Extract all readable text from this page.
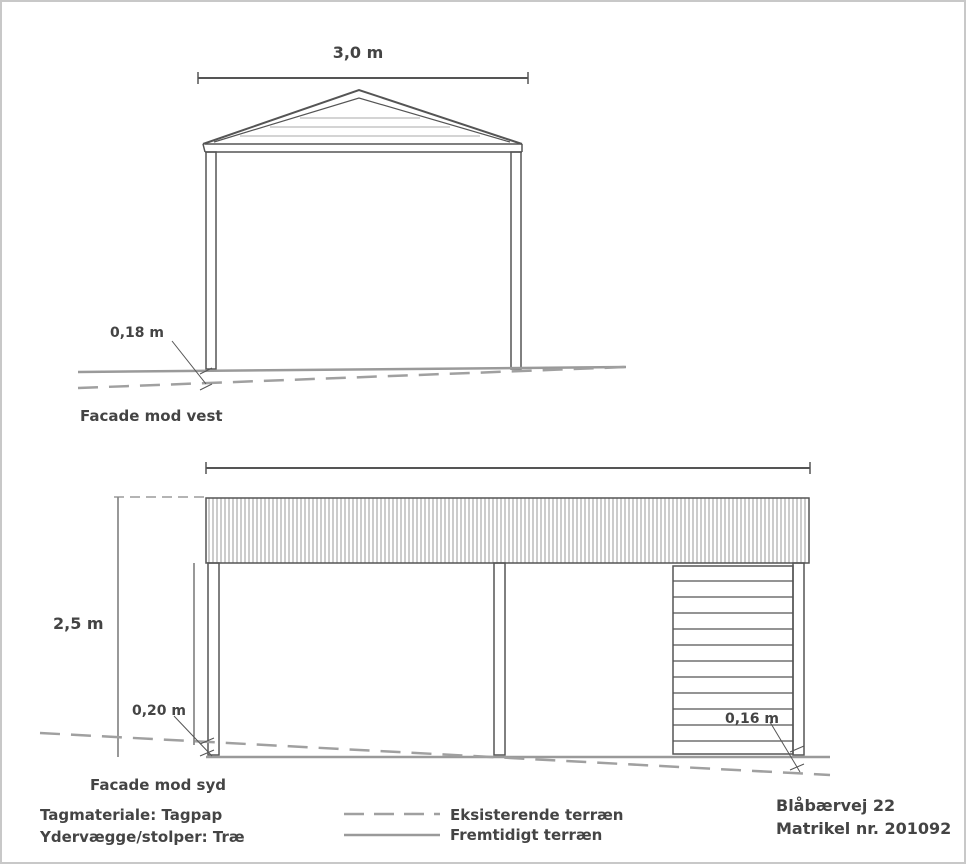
3,0 m
0,18 m
Facade mod vest
2,5 m
0,20 m	0,16 m
Facade mod syd
Tagmateriale: Tagpap
Ydervægge/stolper: Træ
Eksisterende terræn
Fremtidigt terræn
Blåbærvej 22
Matrikel nr. 201092
